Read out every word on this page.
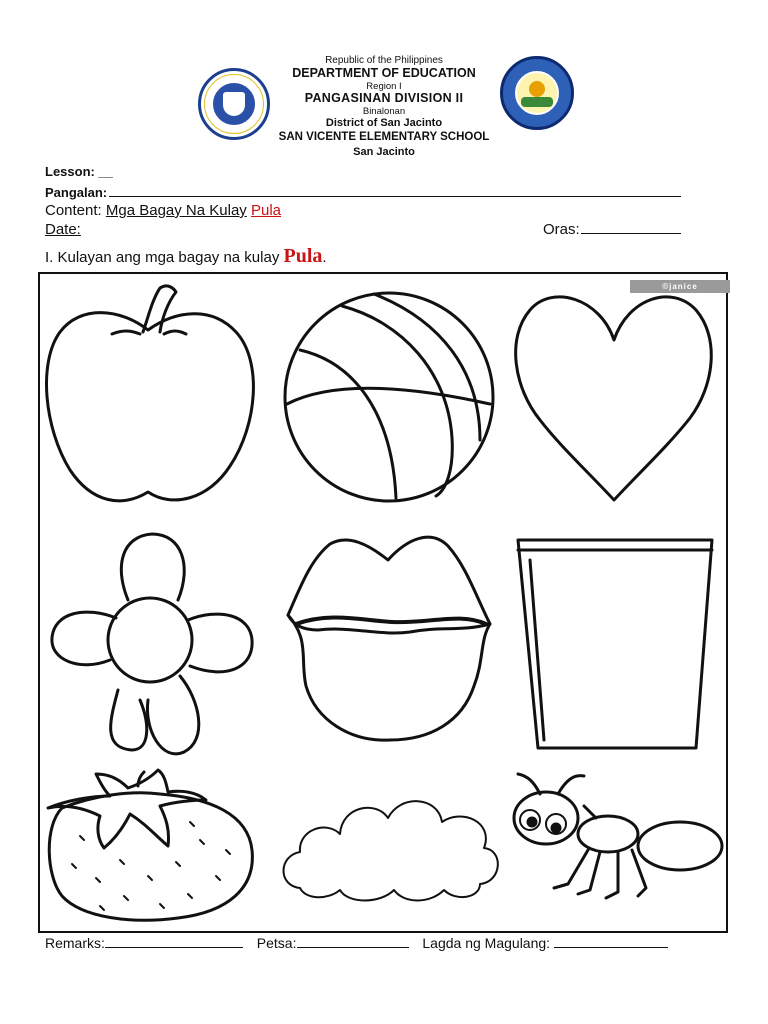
Republic of the Philippines
DEPARTMENT OF EDUCATION
Region I
PANGASINAN DIVISION II
Binalonan
District of San Jacinto
SAN VICENTE ELEMENTARY SCHOOL
San Jacinto
Lesson: __
Pangalan:
Content: Mga Bagay Na Kulay Pula
Date:	Oras:
I. Kulayan ang mga bagay na kulay Pula.
©janice
Remarks:	Petsa:	Lagda ng Magulang:
